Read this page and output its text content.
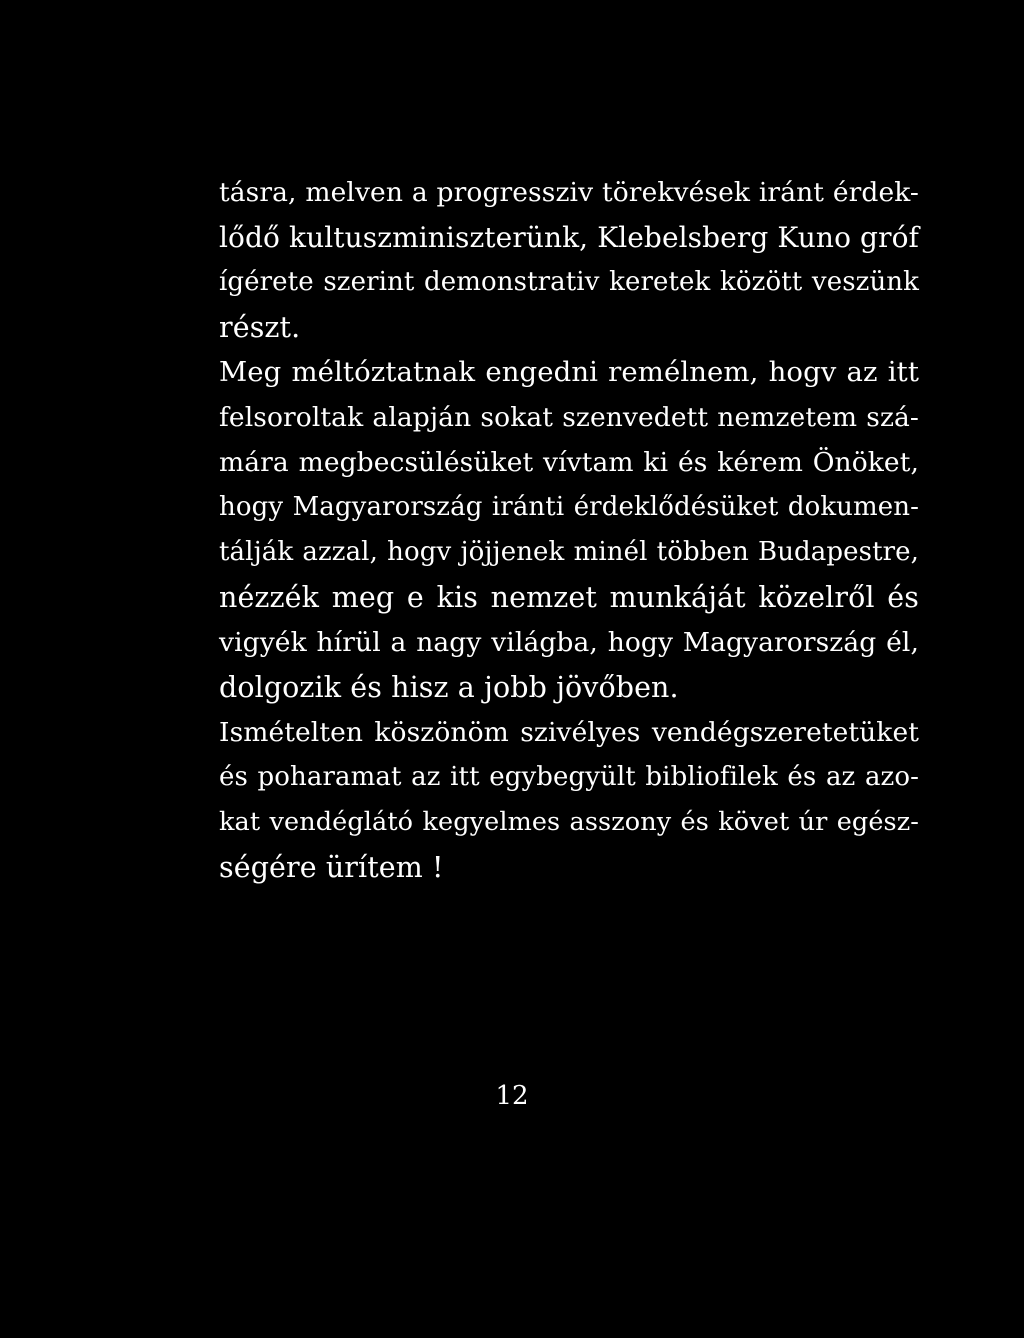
tásra, melven a progressziv törekvések iránt érdek-
lődő kultuszminiszterünk, Klebelsberg Kuno gróf
ígérete szerint demonstrativ keretek között veszünk
részt.
Meg méltóztatnak engedni remélnem, hogv az itt
felsoroltak alapján sokat szenvedett nemzetem szá-
mára megbecsülésüket vívtam ki és kérem Önöket,
hogy Magyarország iránti érdeklődésüket dokumen-
tálják azzal, hogv jöjjenek minél többen Budapestre,
nézzék meg e kis nemzet munkáját közelről és
vigyék hírül a nagy világba, hogy Magyarország él,
dolgozik és hisz a jobb jövőben.
Ismételten köszönöm szivélyes vendégszeretetüket
és poharamat az itt egybegyült bibliofilek és az azo-
kat vendéglátó kegyelmes asszony és követ úr egész-
ségére ürítem !
12
